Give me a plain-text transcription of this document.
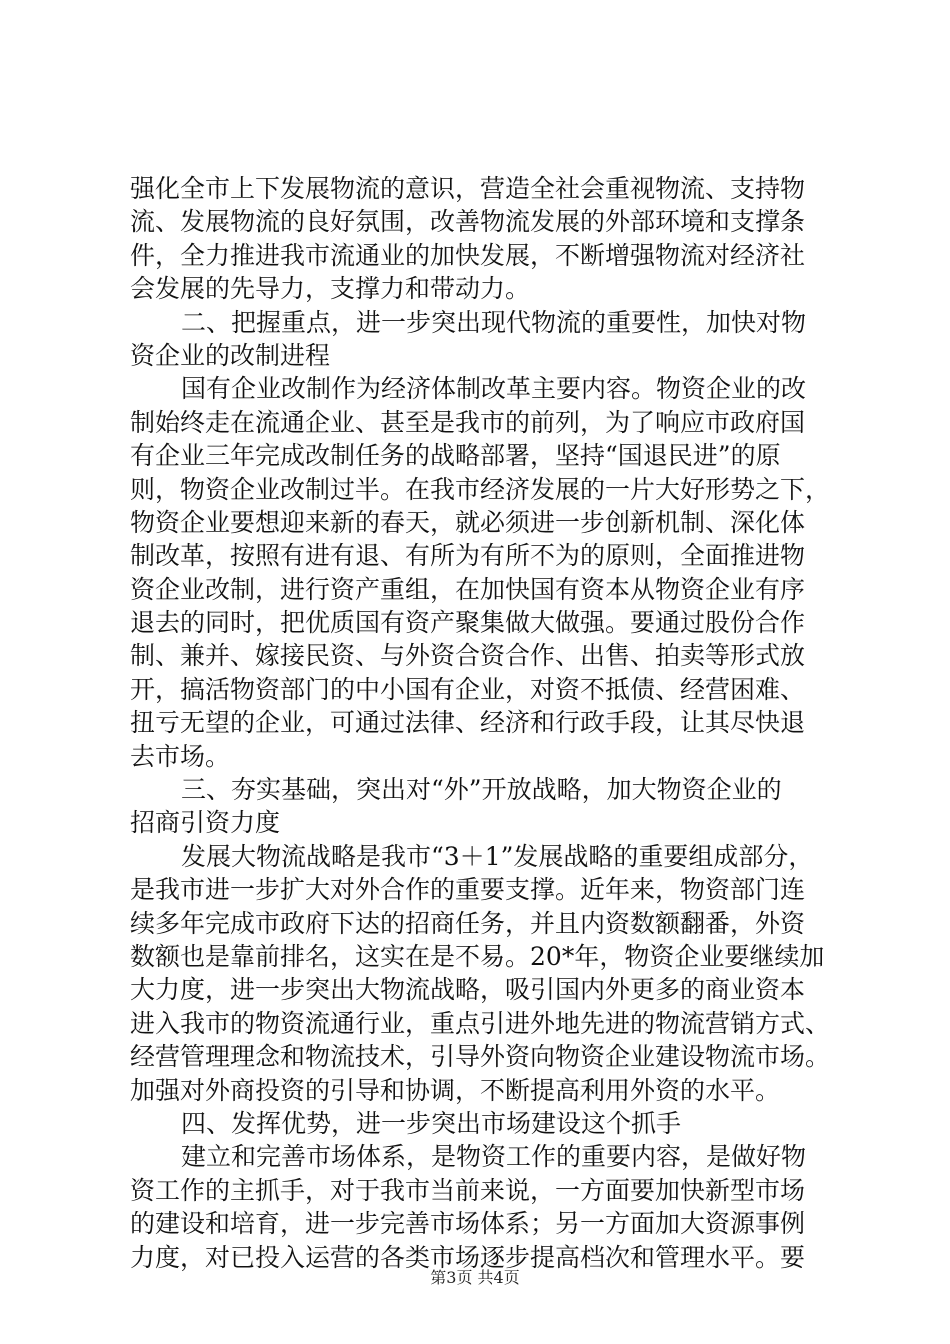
强化全市上下发展物流的意识，营造全社会重视物流、支持物
流、发展物流的良好氛围，改善物流发展的外部环境和支撑条
件，全力推进我市流通业的加快发展，不断增强物流对经济社
会发展的先导力，支撑力和带动力。
二、把握重点，进一步突出现代物流的重要性，加快对物
资企业的改制进程
国有企业改制作为经济体制改革主要内容。物资企业的改
制始终走在流通企业、甚至是我市的前列，为了响应市政府国
有企业三年完成改制任务的战略部署，坚持“国退民进”的原
则，物资企业改制过半。在我市经济发展的一片大好形势之下，
物资企业要想迎来新的春天，就必须进一步创新机制、深化体
制改革，按照有进有退、有所为有所不为的原则，全面推进物
资企业改制，进行资产重组，在加快国有资本从物资企业有序
退去的同时，把优质国有资产聚集做大做强。要通过股份合作
制、兼并、嫁接民资、与外资合资合作、出售、拍卖等形式放
开，搞活物资部门的中小国有企业，对资不抵债、经营困难、
扭亏无望的企业，可通过法律、经济和行政手段，让其尽快退
去市场。
三、夯实基础，突出对“外”开放战略，加大物资企业的
招商引资力度
发展大物流战略是我市“3＋1”发展战略的重要组成部分，
是我市进一步扩大对外合作的重要支撑。近年来，物资部门连
续多年完成市政府下达的招商任务，并且内资数额翻番，外资
数额也是靠前排名，这实在是不易。20*年，物资企业要继续加
大力度，进一步突出大物流战略，吸引国内外更多的商业资本
进入我市的物资流通行业，重点引进外地先进的物流营销方式、
经营管理理念和物流技术，引导外资向物资企业建设物流市场。
加强对外商投资的引导和协调，不断提高利用外资的水平。
四、发挥优势，进一步突出市场建设这个抓手
建立和完善市场体系，是物资工作的重要内容，是做好物
资工作的主抓手，对于我市当前来说，一方面要加快新型市场
的建设和培育，进一步完善市场体系；另一方面加大资源事例
力度，对已投入运营的各类市场逐步提高档次和管理水平。要
第3页 共4页
